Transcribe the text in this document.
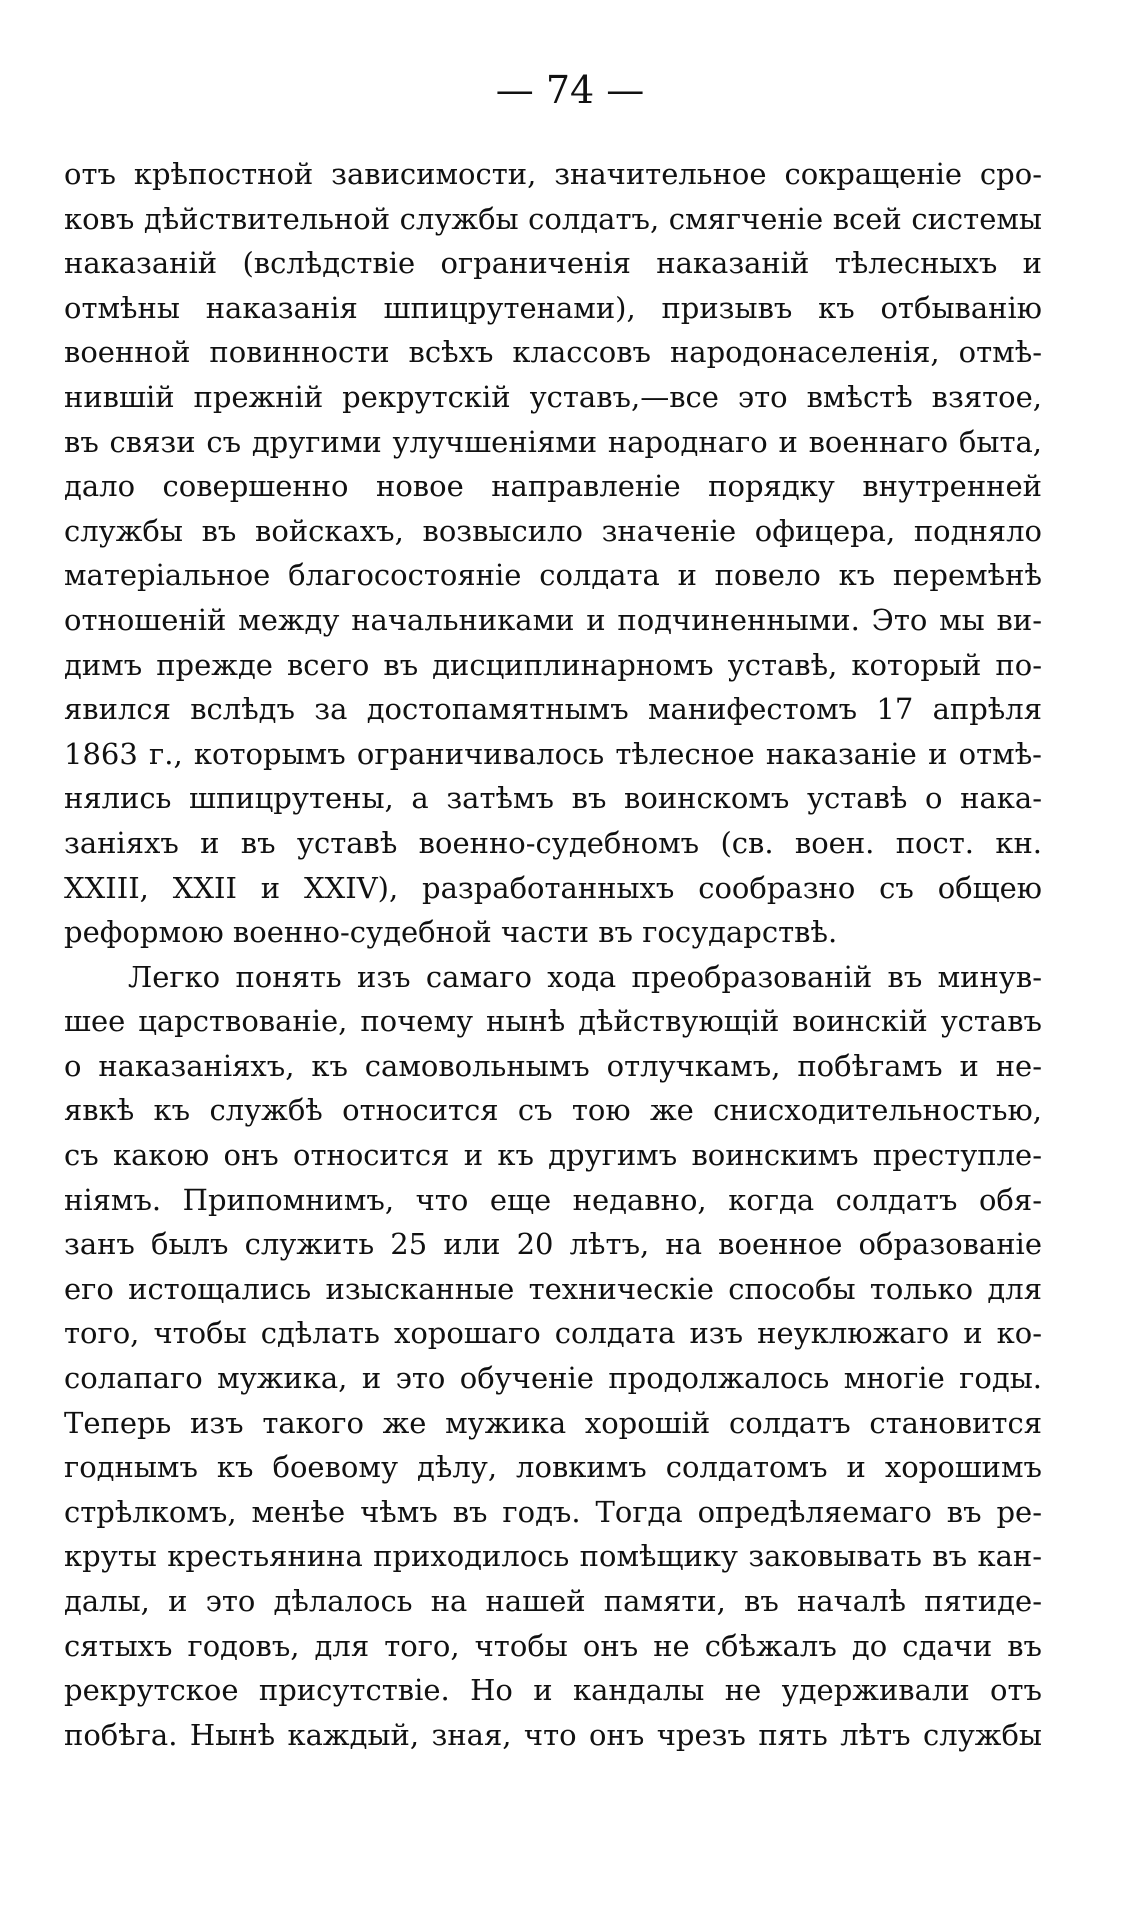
— 74 —
отъ крѣпостной зависимости, значительное сокращеніе сро-
ковъ дѣйствительной службы солдатъ, смягченіе всей системы
наказаній (вслѣдствіе ограниченія наказаній тѣлесныхъ и
отмѣны наказанія шпицрутенами), призывъ къ отбыванію
военной повинности всѣхъ классовъ народонаселенія, отмѣ-
нившій прежній рекрутскій уставъ,—все это вмѣстѣ взятое,
въ связи съ другими улучшеніями народнаго и военнаго быта,
дало совершенно новое направленіе порядку внутренней
службы въ войскахъ, возвысило значеніе офицера, подняло
матеріальное благосостояніе солдата и повело къ перемѣнѣ
отношеній между начальниками и подчиненными. Это мы ви-
димъ прежде всего въ дисциплинарномъ уставѣ, который по-
явился вслѣдъ за достопамятнымъ манифестомъ 17 апрѣля
1863 г., которымъ ограничивалось тѣлесное наказаніе и отмѣ-
нялись шпицрутены, а затѣмъ въ воинскомъ уставѣ о нака-
заніяхъ и въ уставѣ военно-судебномъ (св. воен. пост. кн.
XXIII, XXII и XXIV), разработанныхъ сообразно съ общею
реформою военно-судебной части въ государствѣ.
Легко понять изъ самаго хода преобразованій въ минув-
шее царствованіе, почему нынѣ дѣйствующій воинскій уставъ
о наказаніяхъ, къ самовольнымъ отлучкамъ, побѣгамъ и не-
явкѣ къ службѣ относится съ тою же снисходительностью,
съ какою онъ относится и къ другимъ воинскимъ преступле-
ніямъ. Припомнимъ, что еще недавно, когда солдатъ обя-
занъ былъ служить 25 или 20 лѣтъ, на военное образованіе
его истощались изысканные техническіе способы только для
того, чтобы сдѣлать хорошаго солдата изъ неуклюжаго и ко-
солапаго мужика, и это обученіе продолжалось многіе годы.
Теперь изъ такого же мужика хорошій солдатъ становится
годнымъ къ боевому дѣлу, ловкимъ солдатомъ и хорошимъ
стрѣлкомъ, менѣе чѣмъ въ годъ. Тогда опредѣляемаго въ ре-
круты крестьянина приходилось помѣщику заковывать въ кан-
далы, и это дѣлалось на нашей памяти, въ началѣ пятиде-
сятыхъ годовъ, для того, чтобы онъ не сбѣжалъ до сдачи въ
рекрутское присутствіе. Но и кандалы не удерживали отъ
побѣга. Нынѣ каждый, зная, что онъ чрезъ пять лѣтъ службы
